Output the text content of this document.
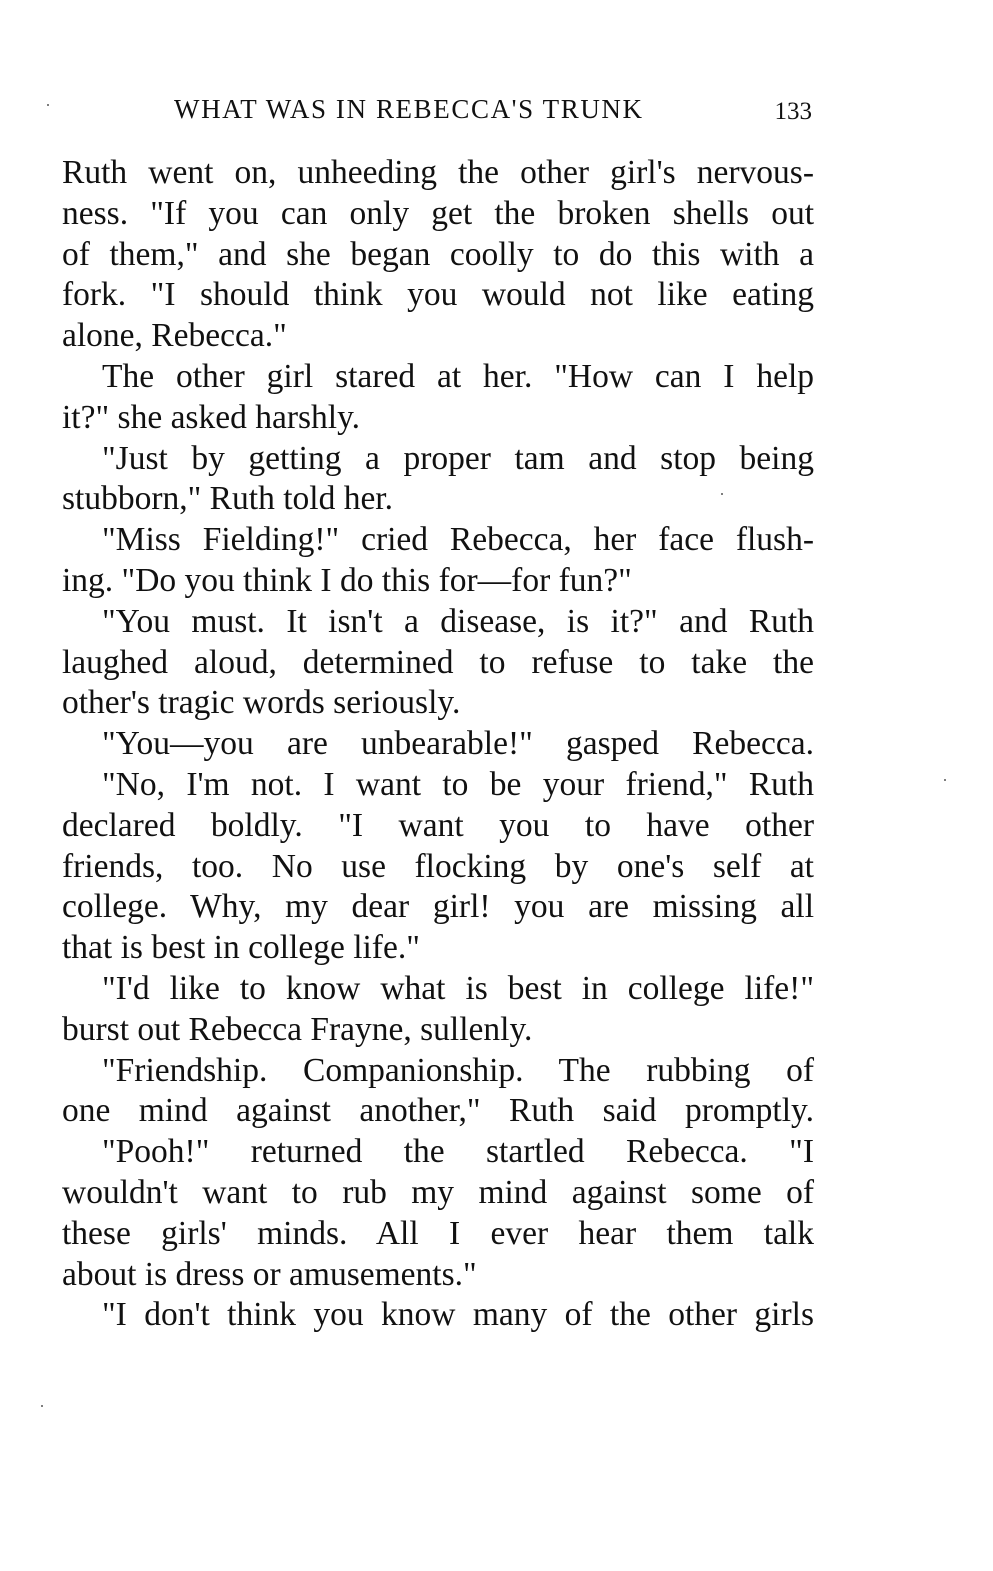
WHAT WAS IN REBECCA'S TRUNK	133
Ruth went on, unheeding the other girl's nervous-
ness. "If you can only get the broken shells out
of them," and she began coolly to do this with a
fork. "I should think you would not like eating
alone, Rebecca."
The other girl stared at her. "How can I help
it?" she asked harshly.
"Just by getting a proper tam and stop being
stubborn," Ruth told her.
"Miss Fielding!" cried Rebecca, her face flush-
ing. "Do you think I do this for—for fun?"
"You must. It isn't a disease, is it?" and Ruth
laughed aloud, determined to refuse to take the
other's tragic words seriously.
"You—you are unbearable!" gasped Rebecca.
"No, I'm not. I want to be your friend," Ruth
declared boldly. "I want you to have other
friends, too. No use flocking by one's self at
college. Why, my dear girl! you are missing all
that is best in college life."
"I'd like to know what is best in college life!"
burst out Rebecca Frayne, sullenly.
"Friendship. Companionship. The rubbing of
one mind against another," Ruth said promptly.
"Pooh!" returned the startled Rebecca. "I
wouldn't want to rub my mind against some of
these girls' minds. All I ever hear them talk
about is dress or amusements."
"I don't think you know many of the other girls
